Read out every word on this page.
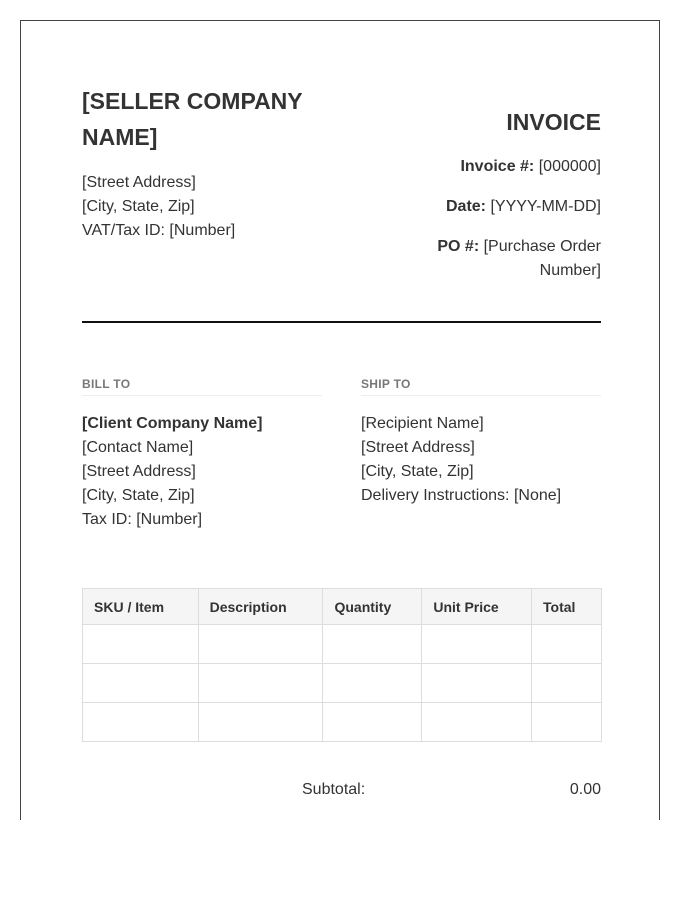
[SELLER COMPANY NAME]
[Street Address]
[City, State, Zip]
VAT/Tax ID: [Number]
INVOICE
Invoice #: [000000]
Date: [YYYY-MM-DD]
PO #: [Purchase Order Number]
BILL TO
[Client Company Name]
[Contact Name]
[Street Address]
[City, State, Zip]
Tax ID: [Number]
SHIP TO
[Recipient Name]
[Street Address]
[City, State, Zip]
Delivery Instructions: [None]
SKU / Item	Description	Quantity	Unit Price	Total

Subtotal:	0.00
